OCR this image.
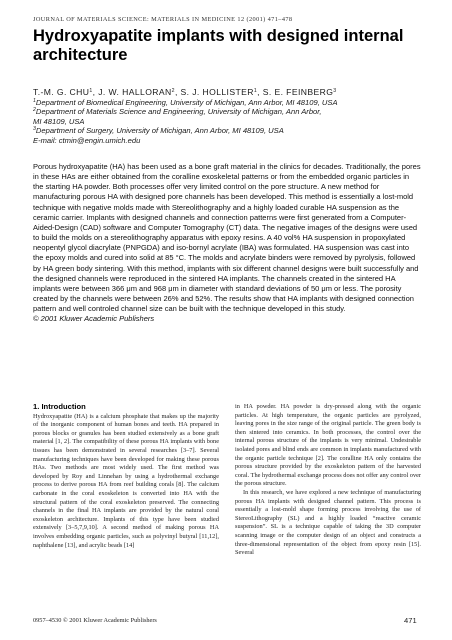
JOURNAL OF MATERIALS SCIENCE: MATERIALS IN MEDICINE 12 (2001) 471–478
Hydroxyapatite implants with designed internal architecture
T.-M. G. CHU$^1$, J. W. HALLORAN$^2$, S. J. HOLLISTER$^1$, S. E. FEINBERG$^3$
$^1$Department of Biomedical Engineering, University of Michigan, Ann Arbor, MI 48109, USA
$^2$Department of Materials Science and Engineering, University of Michigan, Ann Arbor,
MI 48109, USA
$^3$Department of Surgery, University of Michigan, Ann Arbor, MI 48109, USA
E-mail: ctmin@engin.umich.edu

Porous hydroxyapatite (HA) has been used as a bone graft material in the clinics for decades. Traditionally, the pores in these HAs are either obtained from the coralline exoskeletal patterns or from the embedded organic particles in the starting HA powder. Both processes offer very limited control on the pore structure. A new method for manufacturing porous HA with designed pore channels has been developed. This method is essentially a lost-mold technique with negative molds made with Stereolithography and a highly loaded curable HA suspension as the ceramic carrier. Implants with designed channels and connection patterns were first generated from a Computer-Aided-Design (CAD) software and Computer Tomography (CT) data. The negative images of the designs were used to build the molds on a stereolithography apparatus with epoxy resins. A 40 vol% HA suspension in propoxylated neopentyl glycol diacrylate (PNPGDA) and iso-bornyl acrylate (IBA) was formulated. HA suspension was cast into the epoxy molds and cured into solid at 85 °C. The molds and acrylate binders were removed by pyrolysis, followed by HA green body sintering. With this method, implants with six different channel designs were built successfully and the designed channels were reproduced in the sintered HA implants. The channels created in the sintered HA implants were between 366 μm and 968 μm in diameter with standard deviations of 50 μm or less. The porosity created by the channels were between 26% and 52%. The results show that HA implants with designed connection pattern and well controled channel size can be built with the technique developed in this study.

© 2001 Kluwer Academic Publishers

1. Introduction

Hydroxyapatite (HA) is a calcium phosphate that makes up the majority of the inorganic component of human bones and teeth. HA prepared in porous blocks or granules has been studied extensively as a bone graft material [1, 2]. The compatibility of these porous HA implants with bone tissues has been demonstrated in several researches [3–7]. Several manufacturing techniques have been developed for making these porous HAs. Two methods are most widely used. The first method was developed by Roy and Linnehan by using a hydrothermal exchange process to derive porous HA from reef building corals [8]. The calcium carbonate in the coral exoskeleton is converted into HA with the structural pattern of the coral exoskeleton preserved. The connecting channels in the final HA implants are provided by the natural coral exoskeleton architecture. Implants of this type have been studied extensively [3–5,7,9,10]. A second method of making porous HA involves embedding organic particles, such as polyvinyl butyral [11,12], naphthalene [13], and acrylic beads [14]

in HA powder. HA powder is dry-pressed along with the organic particles. At high temperature, the organic particles are pyrolyzed, leaving pores in the size range of the original particle. The green body is then sintered into ceramics. In both processes, the control over the internal porous structure of the implants is very minimal. Undesirable isolated pores and blind ends are common in implants manufactured with the organic particle technique [2]. The coralline HA only contains the porous structure provided by the exoskeleton pattern of the harvested coral. The hydrothermal exchange process does not offer any control over the porous structure.

In this research, we have explored a new technique of manufacturing porous HA implants with designed channel pattern. This process is essentially a lost-mold shape forming process involving the use of StereoLithography (SL) and a highly loaded “reactive ceramic suspension”. SL is a technique capable of taking the 3D computer scanning image or the computer design of an object and constructs a three-dimensional representation of the object from epoxy resin [15]. Several

0957–4530 © 2001 Kluwer Academic Publishers	471
